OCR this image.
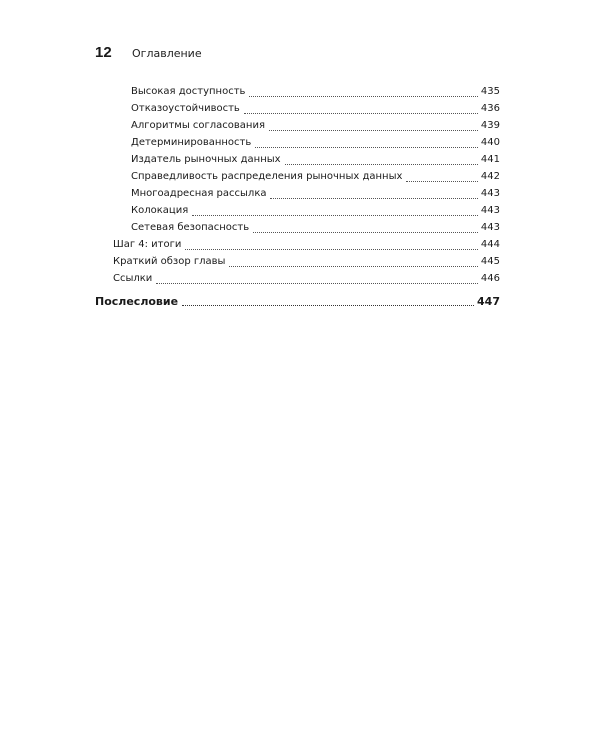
12	Оглавление
Высокая доступность	435
Отказоустойчивость	436
Алгоритмы согласования	439
Детерминированность	440
Издатель рыночных данных	441
Справедливость распределения рыночных данных	442
Многоадресная рассылка	443
Колокация	443
Сетевая безопасность	443
Шаг 4: итоги	444
Краткий обзор главы	445
Ссылки	446
Послесловие	447
